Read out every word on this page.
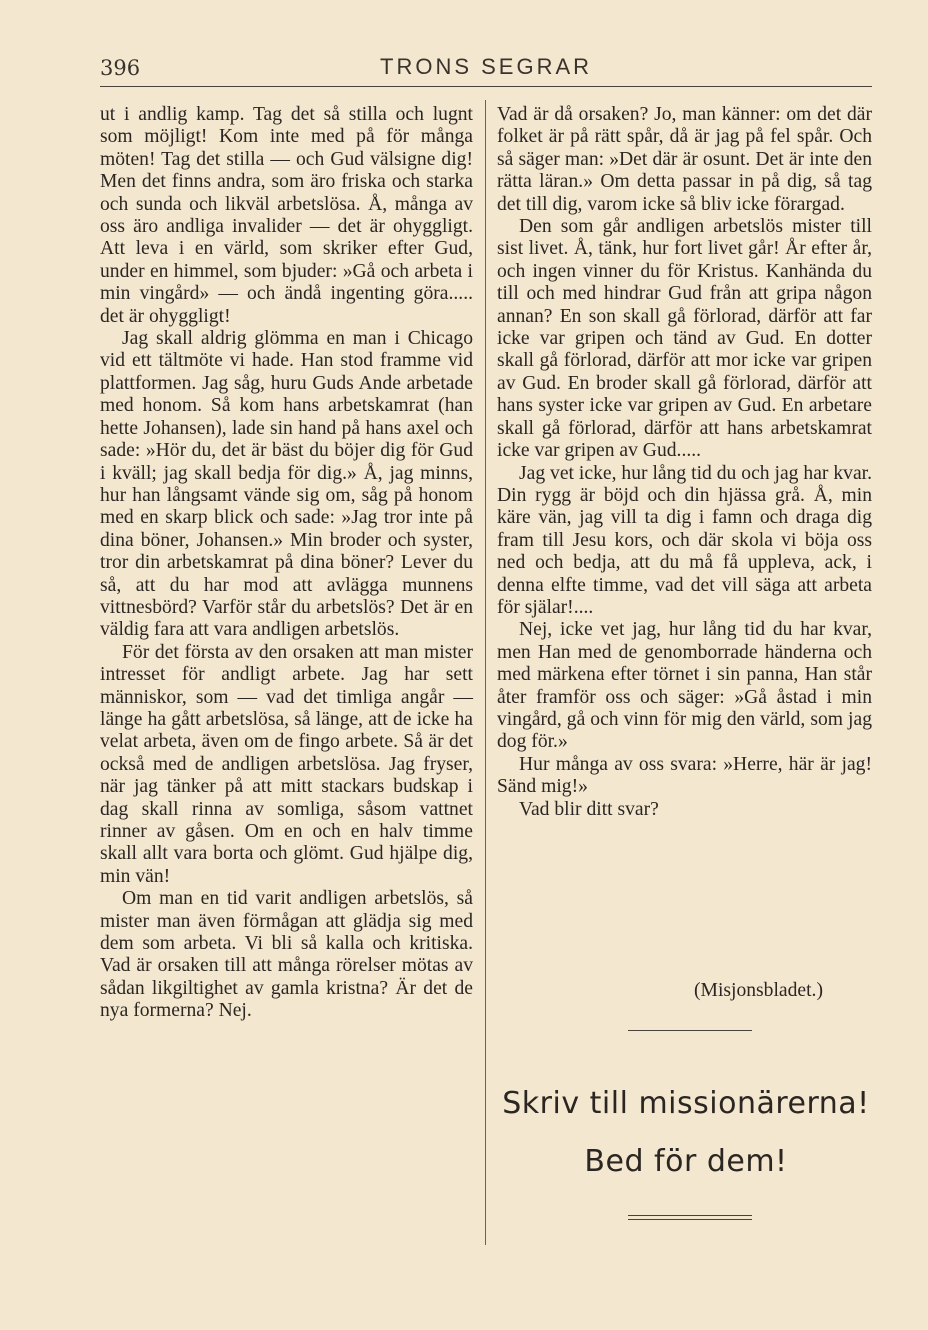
396	TRONS SEGRAR

ut i andlig kamp. Tag det så stilla och lugnt som möjligt! Kom inte med på för många möten! Tag det stilla — och Gud välsigne dig! Men det finns andra, som äro friska och starka och sunda och likväl arbetslösa. Å, många av oss äro andliga invalider — det är ohyggligt. Att leva i en värld, som skriker efter Gud, under en himmel, som bjuder: »Gå och arbeta i min vingård» — och ändå ingenting göra..... det är ohyggligt!

Jag skall aldrig glömma en man i Chicago vid ett tältmöte vi hade. Han stod framme vid plattformen. Jag såg, huru Guds Ande arbetade med honom. Så kom hans arbetskamrat (han hette Johansen), lade sin hand på hans axel och sade: »Hör du, det är bäst du böjer dig för Gud i kväll; jag skall bedja för dig.» Å, jag minns, hur han långsamt vände sig om, såg på honom med en skarp blick och sade: »Jag tror inte på dina böner, Johansen.» Min broder och syster, tror din arbetskamrat på dina böner? Lever du så, att du har mod att avlägga munnens vittnesbörd? Varför står du arbetslös? Det är en väldig fara att vara andligen arbetslös.

För det första av den orsaken att man mister intresset för andligt arbete. Jag har sett människor, som — vad det timliga angår — länge ha gått arbetslösa, så länge, att de icke ha velat arbeta, även om de fingo arbete. Så är det också med de andligen arbetslösa. Jag fryser, när jag tänker på att mitt stackars budskap i dag skall rinna av somliga, såsom vattnet rinner av gåsen. Om en och en halv timme skall allt vara borta och glömt. Gud hjälpe dig, min vän!

Om man en tid varit andligen arbetslös, så mister man även förmågan att glädja sig med dem som arbeta. Vi bli så kalla och kritiska. Vad är orsaken till att många rörelser mötas av sådan likgiltighet av gamla kristna? Är det de nya formerna? Nej.

Vad är då orsaken? Jo, man känner: om det där folket är på rätt spår, då är jag på fel spår. Och så säger man: »Det där är osunt. Det är inte den rätta läran.» Om detta passar in på dig, så tag det till dig, varom icke så bliv icke förargad.

Den som går andligen arbetslös mister till sist livet. Å, tänk, hur fort livet går! År efter år, och ingen vinner du för Kristus. Kanhända du till och med hindrar Gud från att gripa någon annan? En son skall gå förlorad, därför att far icke var gripen och tänd av Gud. En dotter skall gå förlorad, därför att mor icke var gripen av Gud. En broder skall gå förlorad, därför att hans syster icke var gripen av Gud. En arbetare skall gå förlorad, därför att hans arbetskamrat icke var gripen av Gud.....

Jag vet icke, hur lång tid du och jag har kvar. Din rygg är böjd och din hjässa grå. Å, min käre vän, jag vill ta dig i famn och draga dig fram till Jesu kors, och där skola vi böja oss ned och bedja, att du må få uppleva, ack, i denna elfte timme, vad det vill säga att arbeta för själar!....

Nej, icke vet jag, hur lång tid du har kvar, men Han med de genomborrade händerna och med märkena efter törnet i sin panna, Han står åter framför oss och säger: »Gå åstad i min vingård, gå och vinn för mig den värld, som jag dog för.»

Hur många av oss svara: »Herre, här är jag! Sänd mig!»

Vad blir ditt svar?

(Misjonsbladet.)
Skriv till missionärerna!
Bed för dem!
